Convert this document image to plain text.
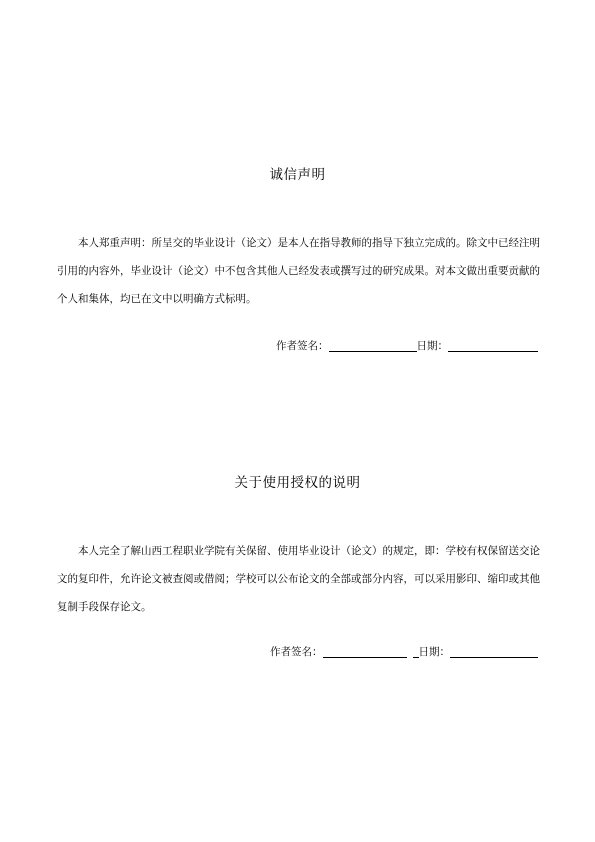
诚信声明

本人郑重声明：所呈交的毕业设计（论文）是本人在指导教师的指导下独立完成的。除文中已经注明引用的内容外，毕业设计（论文）中不包含其他人已经发表或撰写过的研究成果。对本文做出重要贡献的个人和集体，均已在文中以明确方式标明。

作者签名：	日期：
关于使用授权的说明

本人完全了解山西工程职业学院有关保留、使用毕业设计（论文）的规定，即：学校有权保留送交论文的复印件，允许论文被查阅或借阅；学校可以公布论文的全部或部分内容，可以采用影印、缩印或其他复制手段保存论文。

作者签名：	日期：
